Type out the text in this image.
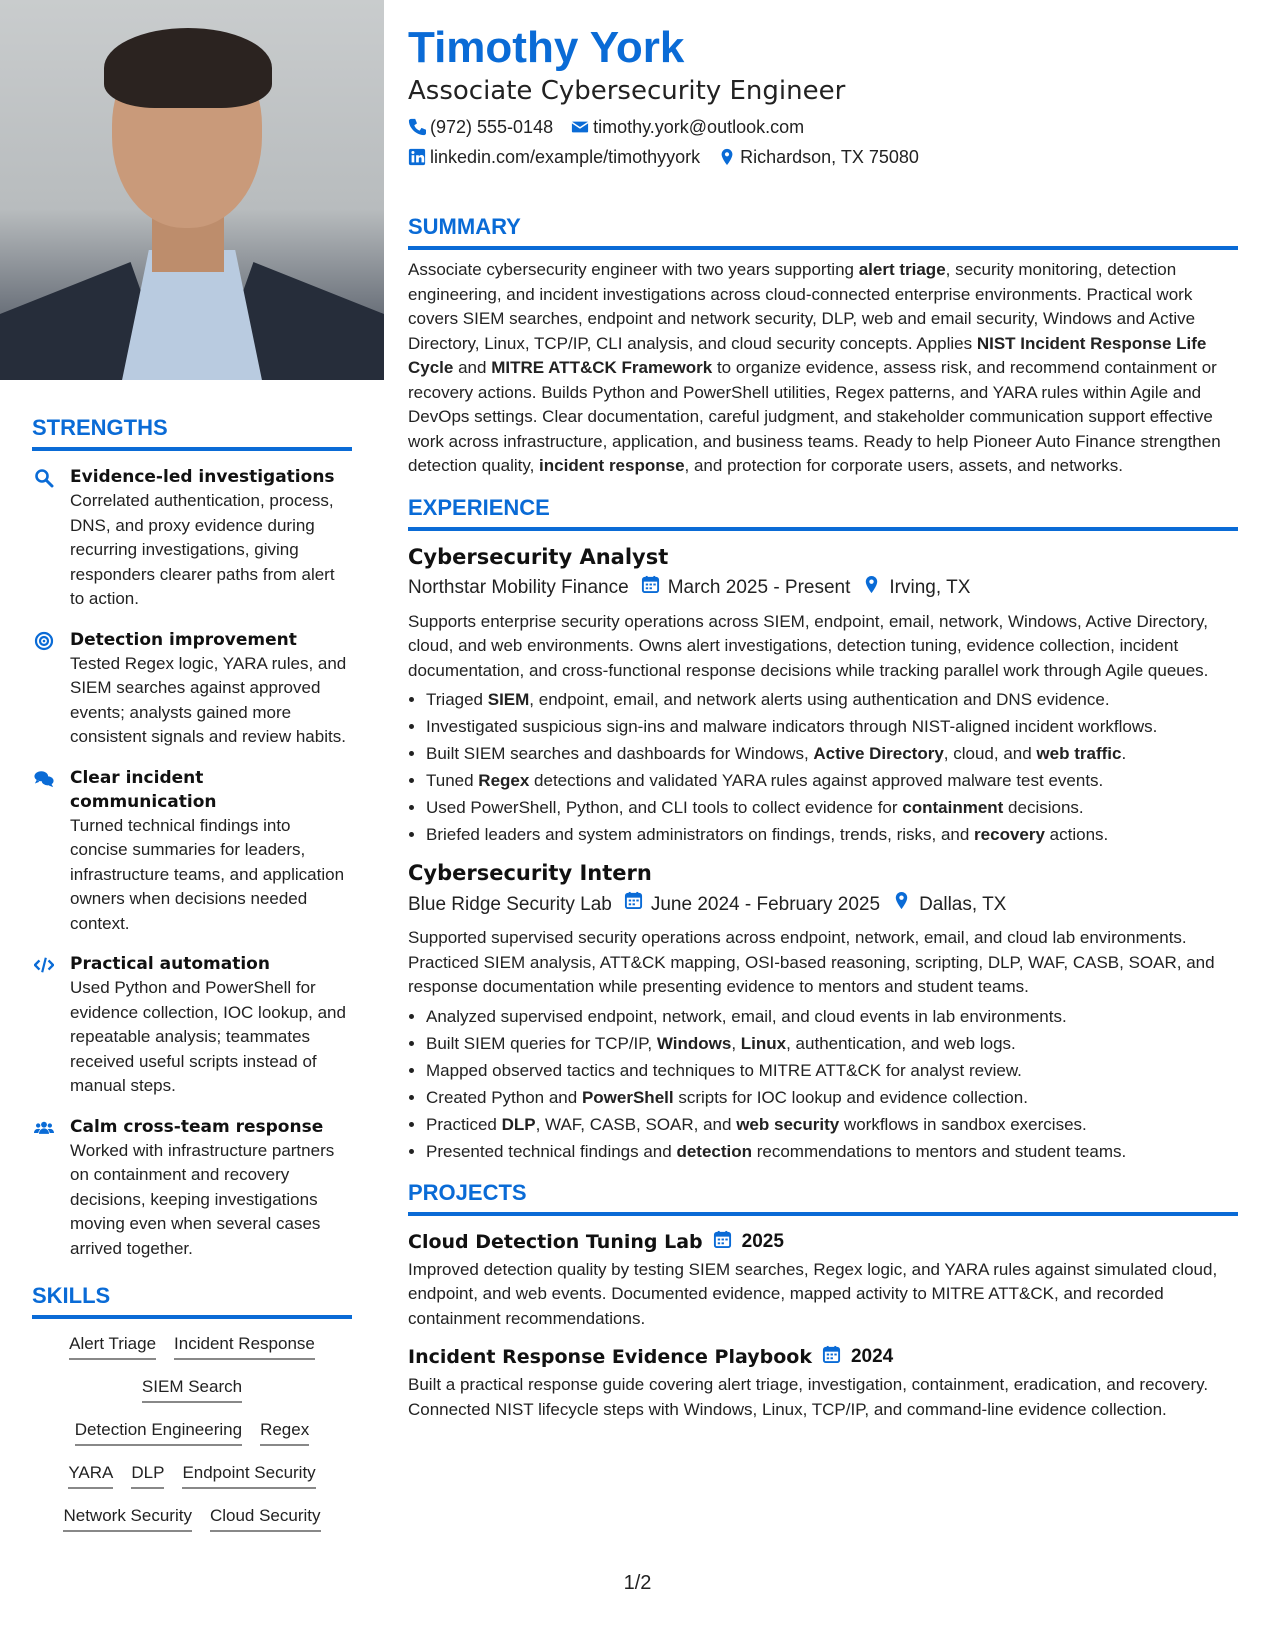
STRENGTHS
Evidence-led investigations
Correlated authentication, process, DNS, and proxy evidence during recurring investigations, giving responders clearer paths from alert to action.
Detection improvement
Tested Regex logic, YARA rules, and SIEM searches against approved events; analysts gained more consistent signals and review habits.
Clear incident communication
Turned technical findings into concise summaries for leaders, infrastructure teams, and application owners when decisions needed context.
Practical automation
Used Python and PowerShell for evidence collection, IOC lookup, and repeatable analysis; teammates received useful scripts instead of manual steps.
Calm cross-team response
Worked with infrastructure partners on containment and recovery decisions, keeping investigations moving even when several cases arrived together.
SKILLS
Alert Triage Incident Response
SIEM Search
Detection Engineering Regex
YARA DLP Endpoint Security
Network Security Cloud Security
Timothy York
Associate Cybersecurity Engineer
(972) 555-0148 timothy.york@outlook.com
linkedin.com/example/timothyyork Richardson, TX 75080
SUMMARY

Associate cybersecurity engineer with two years supporting alert triage, security monitoring, detection engineering, and incident investigations across cloud-connected enterprise environments. Practical work covers SIEM searches, endpoint and network security, DLP, web and email security, Windows and Active Directory, Linux, TCP/IP, CLI analysis, and cloud security concepts. Applies NIST Incident Response Life Cycle and MITRE ATT&CK Framework to organize evidence, assess risk, and recommend containment or recovery actions. Builds Python and PowerShell utilities, Regex patterns, and YARA rules within Agile and DevOps settings. Clear documentation, careful judgment, and stakeholder communication support effective work across infrastructure, application, and business teams. Ready to help Pioneer Auto Finance strengthen detection quality, incident response, and protection for corporate users, assets, and networks.

EXPERIENCE
Cybersecurity Analyst
Northstar Mobility Finance March 2025 - Present Irving, TX

Supports enterprise security operations across SIEM, endpoint, email, network, Windows, Active Directory, cloud, and web environments. Owns alert investigations, detection tuning, evidence collection, incident documentation, and cross-functional response decisions while tracking parallel work through Agile queues.

• Triaged SIEM, endpoint, email, and network alerts using authentication and DNS evidence.
• Investigated suspicious sign-ins and malware indicators through NIST-aligned incident workflows.
• Built SIEM searches and dashboards for Windows, Active Directory, cloud, and web traffic.
• Tuned Regex detections and validated YARA rules against approved malware test events.
• Used PowerShell, Python, and CLI tools to collect evidence for containment decisions.
• Briefed leaders and system administrators on findings, trends, risks, and recovery actions.
Cybersecurity Intern
Blue Ridge Security Lab June 2024 - February 2025 Dallas, TX

Supported supervised security operations across endpoint, network, email, and cloud lab environments. Practiced SIEM analysis, ATT&CK mapping, OSI-based reasoning, scripting, DLP, WAF, CASB, SOAR, and response documentation while presenting evidence to mentors and student teams.

• Analyzed supervised endpoint, network, email, and cloud events in lab environments.
• Built SIEM queries for TCP/IP, Windows, Linux, authentication, and web logs.
• Mapped observed tactics and techniques to MITRE ATT&CK for analyst review.
• Created Python and PowerShell scripts for IOC lookup and evidence collection.
• Practiced DLP, WAF, CASB, SOAR, and web security workflows in sandbox exercises.
• Presented technical findings and detection recommendations to mentors and student teams.
PROJECTS
Cloud Detection Tuning Lab 2025

Improved detection quality by testing SIEM searches, Regex logic, and YARA rules against simulated cloud, endpoint, and web events. Documented evidence, mapped activity to MITRE ATT&CK, and recorded containment recommendations.

Incident Response Evidence Playbook 2024

Built a practical response guide covering alert triage, investigation, containment, eradication, and recovery. Connected NIST lifecycle steps with Windows, Linux, TCP/IP, and command-line evidence collection.

1/2
